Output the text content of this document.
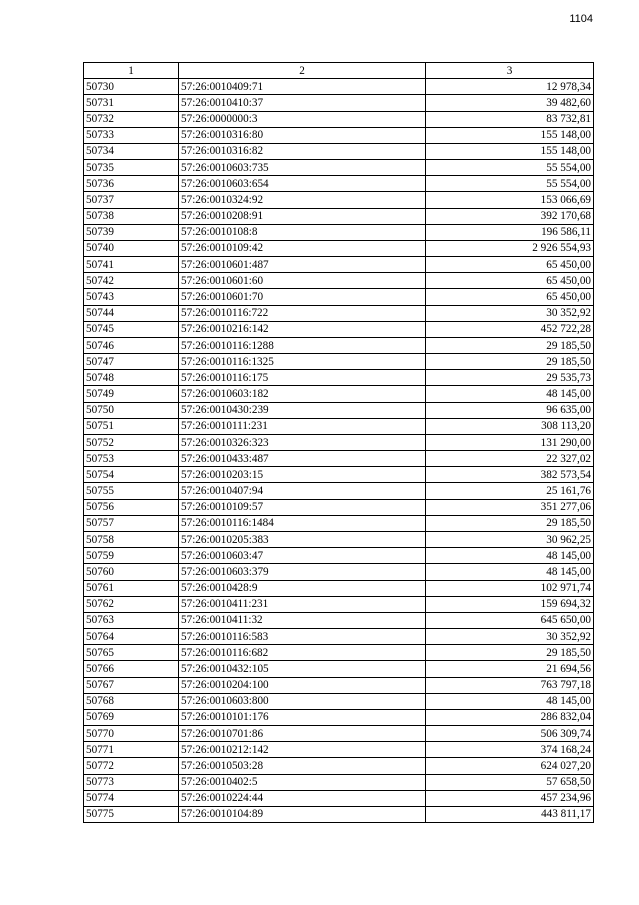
1104
1	2	3
50730	57:26:0010409:71	12 978,34
50731	57:26:0010410:37	39 482,60
50732	57:26:0000000:3	83 732,81
50733	57:26:0010316:80	155 148,00
50734	57:26:0010316:82	155 148,00
50735	57:26:0010603:735	55 554,00
50736	57:26:0010603:654	55 554,00
50737	57:26:0010324:92	153 066,69
50738	57:26:0010208:91	392 170,68
50739	57:26:0010108:8	196 586,11
50740	57:26:0010109:42	2 926 554,93
50741	57:26:0010601:487	65 450,00
50742	57:26:0010601:60	65 450,00
50743	57:26:0010601:70	65 450,00
50744	57:26:0010116:722	30 352,92
50745	57:26:0010216:142	452 722,28
50746	57:26:0010116:1288	29 185,50
50747	57:26:0010116:1325	29 185,50
50748	57:26:0010116:175	29 535,73
50749	57:26:0010603:182	48 145,00
50750	57:26:0010430:239	96 635,00
50751	57:26:0010111:231	308 113,20
50752	57:26:0010326:323	131 290,00
50753	57:26:0010433:487	22 327,02
50754	57:26:0010203:15	382 573,54
50755	57:26:0010407:94	25 161,76
50756	57:26:0010109:57	351 277,06
50757	57:26:0010116:1484	29 185,50
50758	57:26:0010205:383	30 962,25
50759	57:26:0010603:47	48 145,00
50760	57:26:0010603:379	48 145,00
50761	57:26:0010428:9	102 971,74
50762	57:26:0010411:231	159 694,32
50763	57:26:0010411:32	645 650,00
50764	57:26:0010116:583	30 352,92
50765	57:26:0010116:682	29 185,50
50766	57:26:0010432:105	21 694,56
50767	57:26:0010204:100	763 797,18
50768	57:26:0010603:800	48 145,00
50769	57:26:0010101:176	286 832,04
50770	57:26:0010701:86	506 309,74
50771	57:26:0010212:142	374 168,24
50772	57:26:0010503:28	624 027,20
50773	57:26:0010402:5	57 658,50
50774	57:26:0010224:44	457 234,96
50775	57:26:0010104:89	443 811,17
